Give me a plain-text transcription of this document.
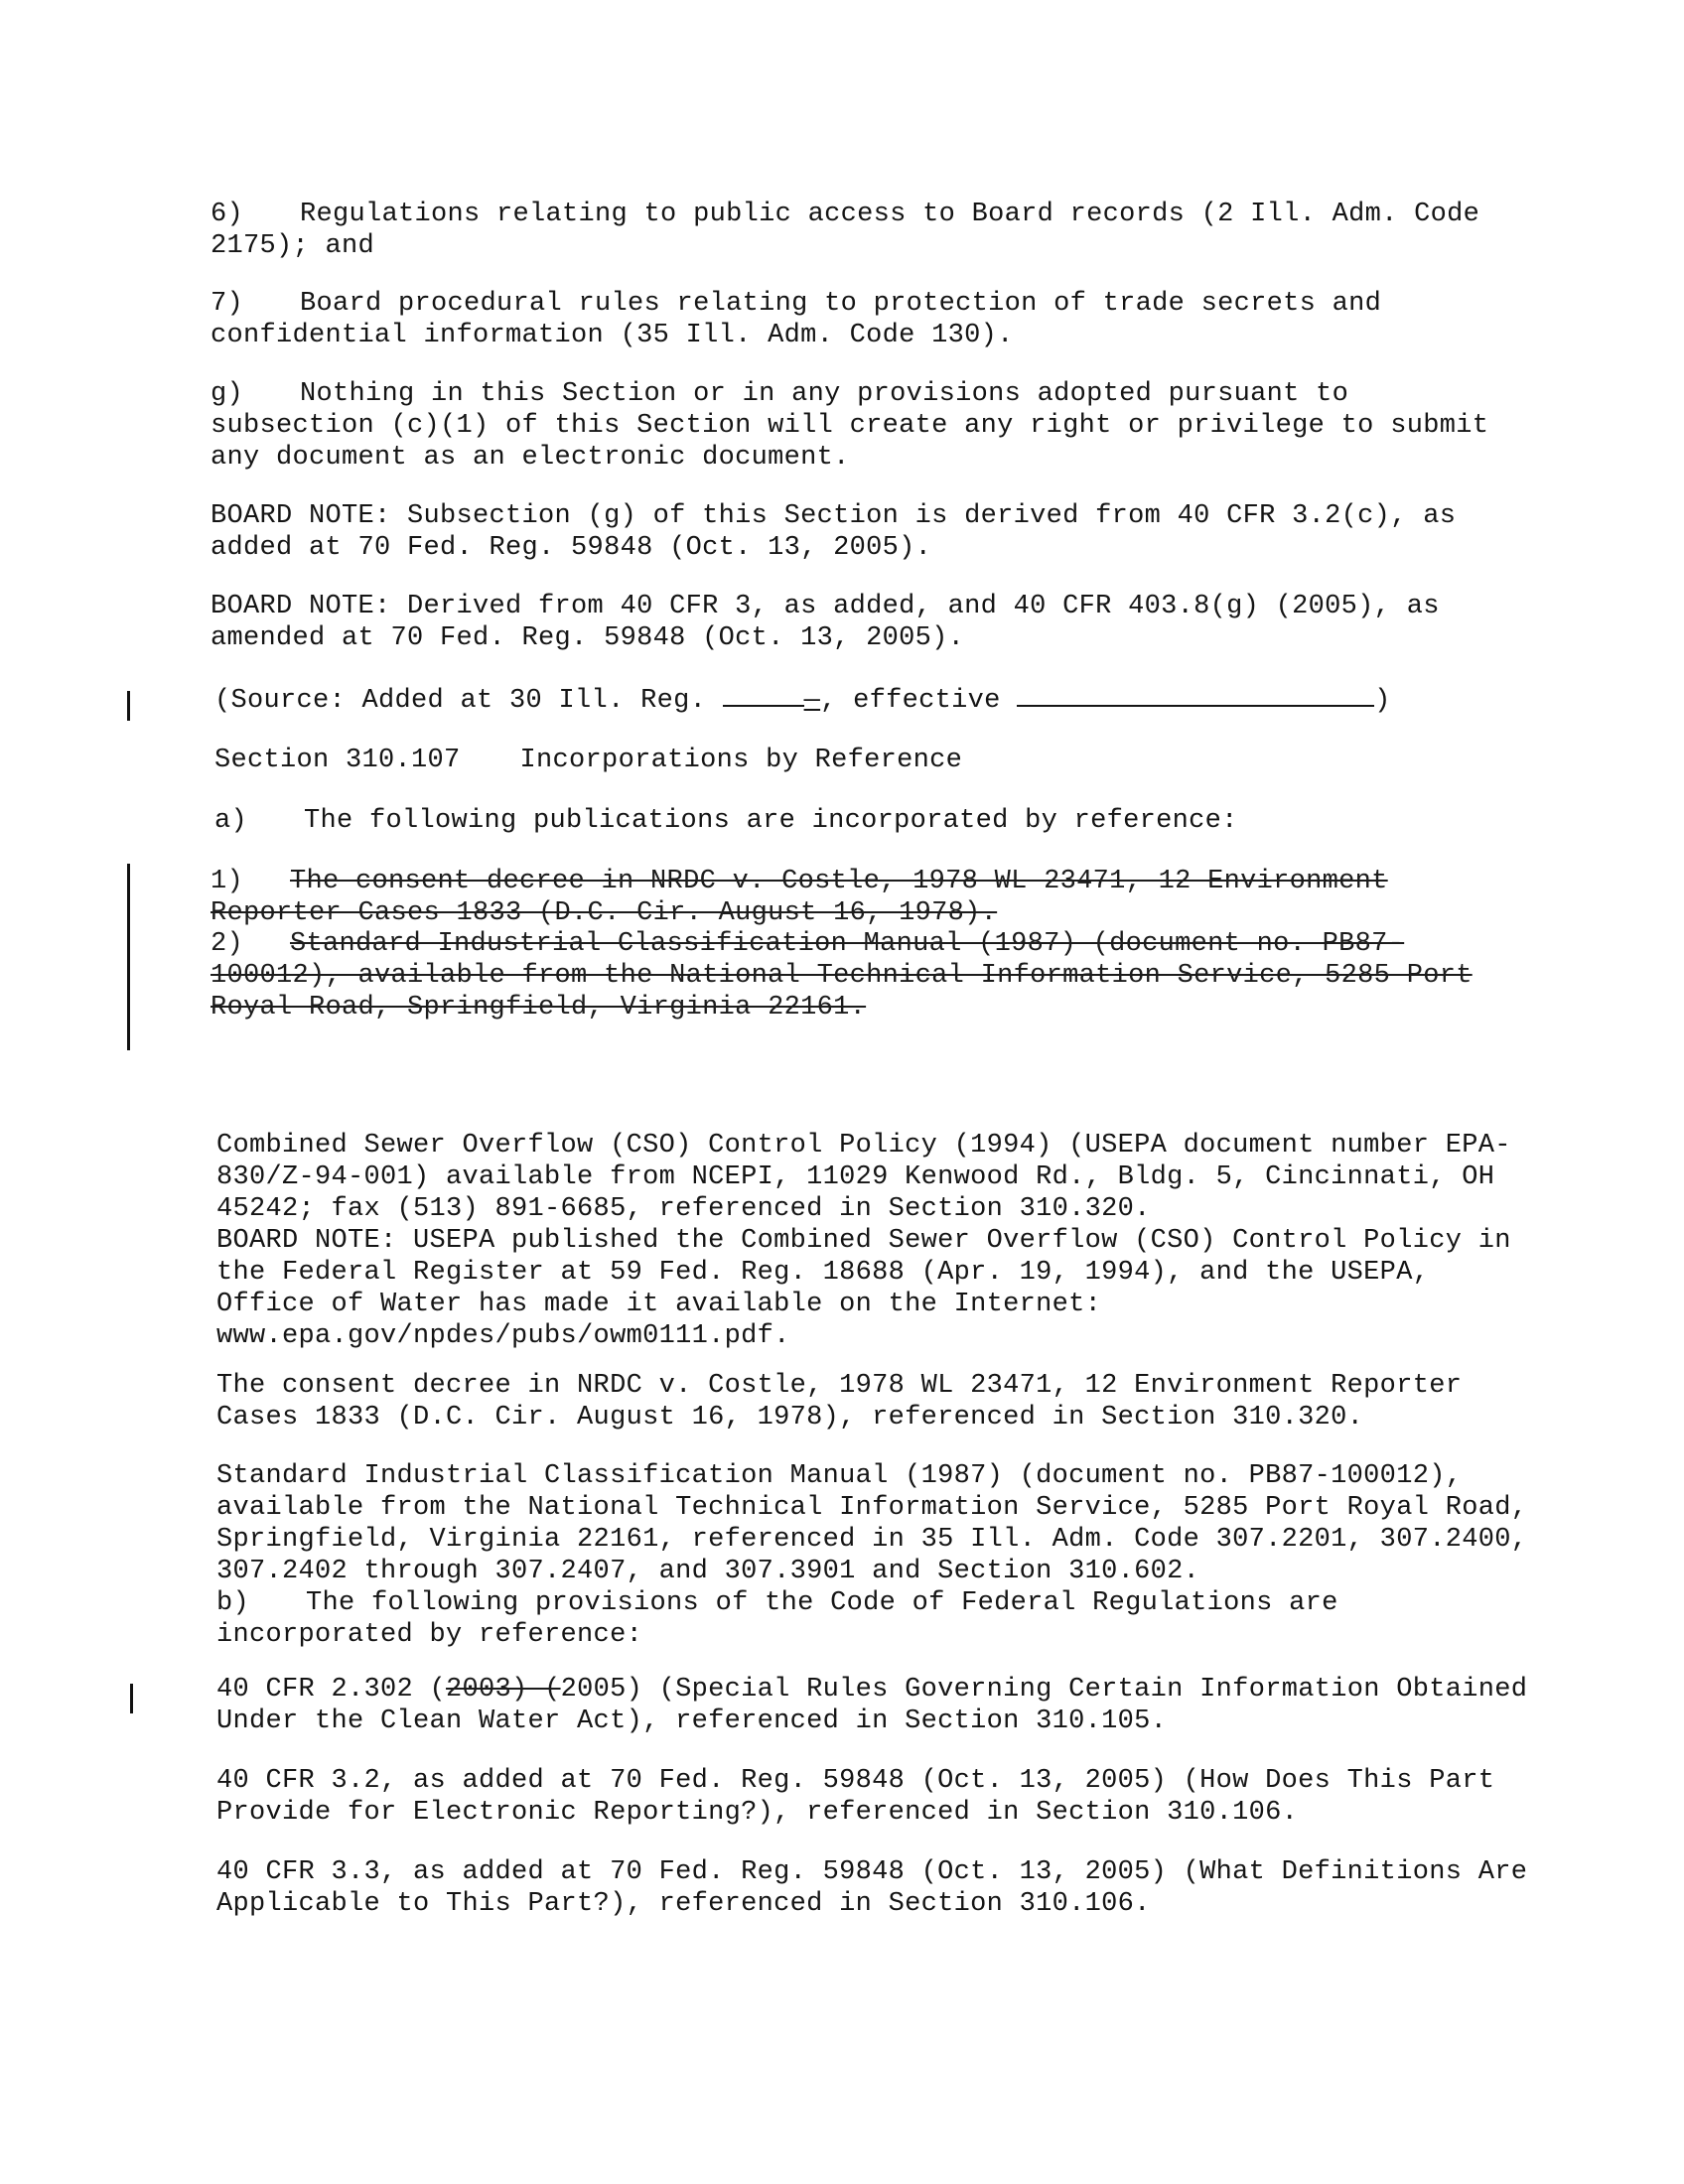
6) Regulations relating to public access to Board records (2 Ill. Adm. Code
2175); and
7) Board procedural rules relating to protection of trade secrets and
confidential information (35 Ill. Adm. Code 130).
g) Nothing in this Section or in any provisions adopted pursuant to
subsection (c)(1) of this Section will create any right or privilege to submit
any document as an electronic document.
BOARD NOTE: Subsection (g) of this Section is derived from 40 CFR 3.2(c), as
added at 70 Fed. Reg. 59848 (Oct. 13, 2005).
BOARD NOTE: Derived from 40 CFR 3, as added, and 40 CFR 403.8(g) (2005), as
amended at 70 Fed. Reg. 59848 (Oct. 13, 2005).
(Source: Added at 30 Ill. Reg.	—, effective	)
Section 310.107 Incorporations by Reference
a) The following publications are incorporated by reference:
1) The consent decree in NRDC v. Costle, 1978 WL 23471, 12 Environment
Reporter Cases 1833 (D.C. Cir. August 16, 1978).
2) Standard Industrial Classification Manual (1987) (document no. PB87-
100012), available from the National Technical Information Service, 5285 Port
Royal Road, Springfield, Virginia 22161.
Combined Sewer Overflow (CSO) Control Policy (1994) (USEPA document number EPA-
830/Z-94-001) available from NCEPI, 11029 Kenwood Rd., Bldg. 5, Cincinnati, OH
45242; fax (513) 891-6685, referenced in Section 310.320.
BOARD NOTE: USEPA published the Combined Sewer Overflow (CSO) Control Policy in
the Federal Register at 59 Fed. Reg. 18688 (Apr. 19, 1994), and the USEPA,
Office of Water has made it available on the Internet:
www.epa.gov/npdes/pubs/owm0111.pdf.
The consent decree in NRDC v. Costle, 1978 WL 23471, 12 Environment Reporter
Cases 1833 (D.C. Cir. August 16, 1978), referenced in Section 310.320.
Standard Industrial Classification Manual (1987) (document no. PB87-100012),
available from the National Technical Information Service, 5285 Port Royal Road,
Springfield, Virginia 22161, referenced in 35 Ill. Adm. Code 307.2201, 307.2400,
307.2402 through 307.2407, and 307.3901 and Section 310.602.
b) The following provisions of the Code of Federal Regulations are
incorporated by reference:
40 CFR 2.302 (2003) (2005) (Special Rules Governing Certain Information Obtained
Under the Clean Water Act), referenced in Section 310.105.
40 CFR 3.2, as added at 70 Fed. Reg. 59848 (Oct. 13, 2005) (How Does This Part
Provide for Electronic Reporting?), referenced in Section 310.106.
40 CFR 3.3, as added at 70 Fed. Reg. 59848 (Oct. 13, 2005) (What Definitions Are
Applicable to This Part?), referenced in Section 310.106.
